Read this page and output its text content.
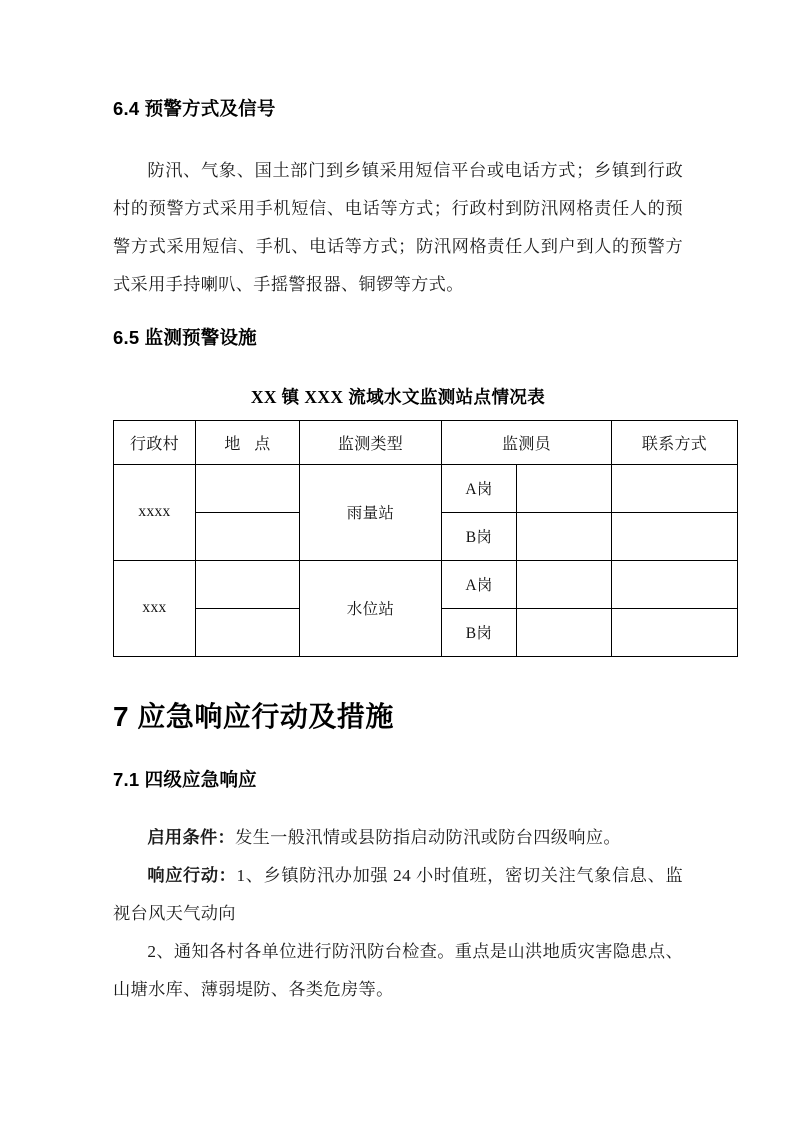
6.4 预警方式及信号

防汛、气象、国土部门到乡镇采用短信平台或电话方式；乡镇到行政村的预警方式采用手机短信、电话等方式；行政村到防汛网格责任人的预警方式采用短信、手机、电话等方式；防汛网格责任人到户到人的预警方式采用手持喇叭、手摇警报器、铜锣等方式。

6.5 监测预警设施

XX 镇 XXX 流域水文监测站点情况表

行政村	地 点	监测类型	监测员		联系方式
xxxx		雨量站	A岗		
			B岗		
xxx		水位站	A岗		
			B岗		
7 应急响应行动及措施
7.1 四级应急响应

启用条件：发生一般汛情或县防指启动防汛或防台四级响应。

响应行动：1、乡镇防汛办加强 24 小时值班，密切关注气象信息、监视台风天气动向

2、通知各村各单位进行防汛防台检查。重点是山洪地质灾害隐患点、山塘水库、薄弱堤防、各类危房等。
